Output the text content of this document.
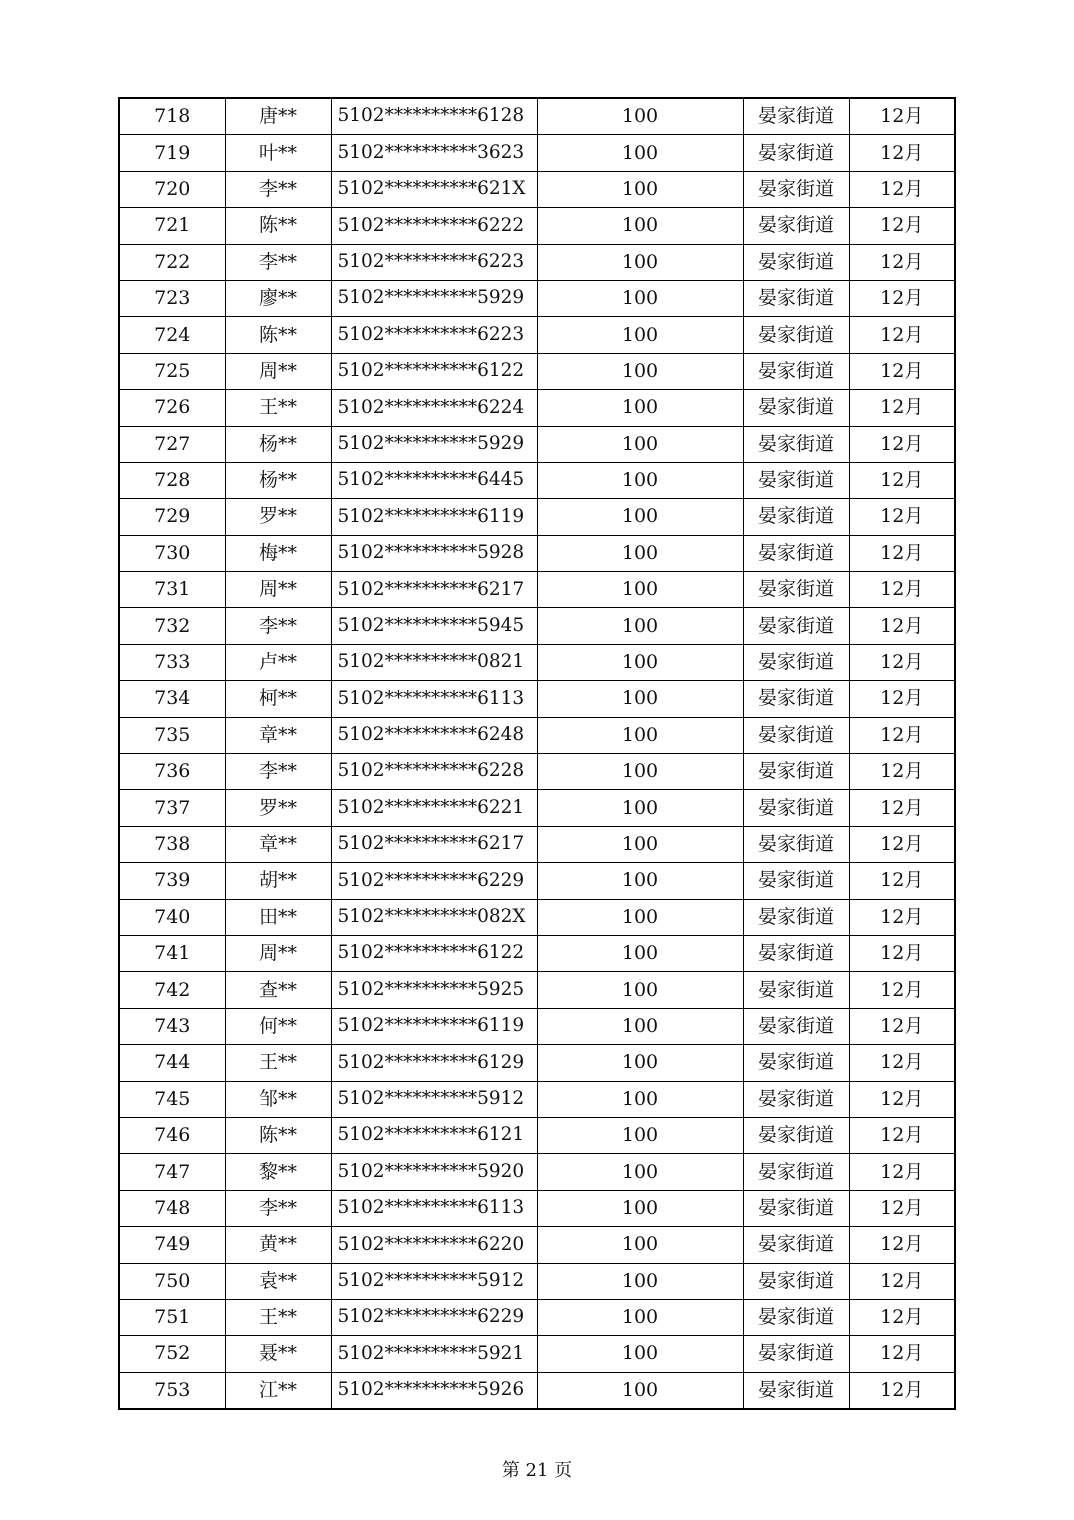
718	唐**	5102**********6128	100	晏家街道	12月
719	叶**	5102**********3623	100	晏家街道	12月
720	李**	5102**********621X	100	晏家街道	12月
721	陈**	5102**********6222	100	晏家街道	12月
722	李**	5102**********6223	100	晏家街道	12月
723	廖**	5102**********5929	100	晏家街道	12月
724	陈**	5102**********6223	100	晏家街道	12月
725	周**	5102**********6122	100	晏家街道	12月
726	王**	5102**********6224	100	晏家街道	12月
727	杨**	5102**********5929	100	晏家街道	12月
728	杨**	5102**********6445	100	晏家街道	12月
729	罗**	5102**********6119	100	晏家街道	12月
730	梅**	5102**********5928	100	晏家街道	12月
731	周**	5102**********6217	100	晏家街道	12月
732	李**	5102**********5945	100	晏家街道	12月
733	卢**	5102**********0821	100	晏家街道	12月
734	柯**	5102**********6113	100	晏家街道	12月
735	章**	5102**********6248	100	晏家街道	12月
736	李**	5102**********6228	100	晏家街道	12月
737	罗**	5102**********6221	100	晏家街道	12月
738	章**	5102**********6217	100	晏家街道	12月
739	胡**	5102**********6229	100	晏家街道	12月
740	田**	5102**********082X	100	晏家街道	12月
741	周**	5102**********6122	100	晏家街道	12月
742	查**	5102**********5925	100	晏家街道	12月
743	何**	5102**********6119	100	晏家街道	12月
744	王**	5102**********6129	100	晏家街道	12月
745	邹**	5102**********5912	100	晏家街道	12月
746	陈**	5102**********6121	100	晏家街道	12月
747	黎**	5102**********5920	100	晏家街道	12月
748	李**	5102**********6113	100	晏家街道	12月
749	黄**	5102**********6220	100	晏家街道	12月
750	袁**	5102**********5912	100	晏家街道	12月
751	王**	5102**********6229	100	晏家街道	12月
752	聂**	5102**********5921	100	晏家街道	12月
753	江**	5102**********5926	100	晏家街道	12月
第 21 页
